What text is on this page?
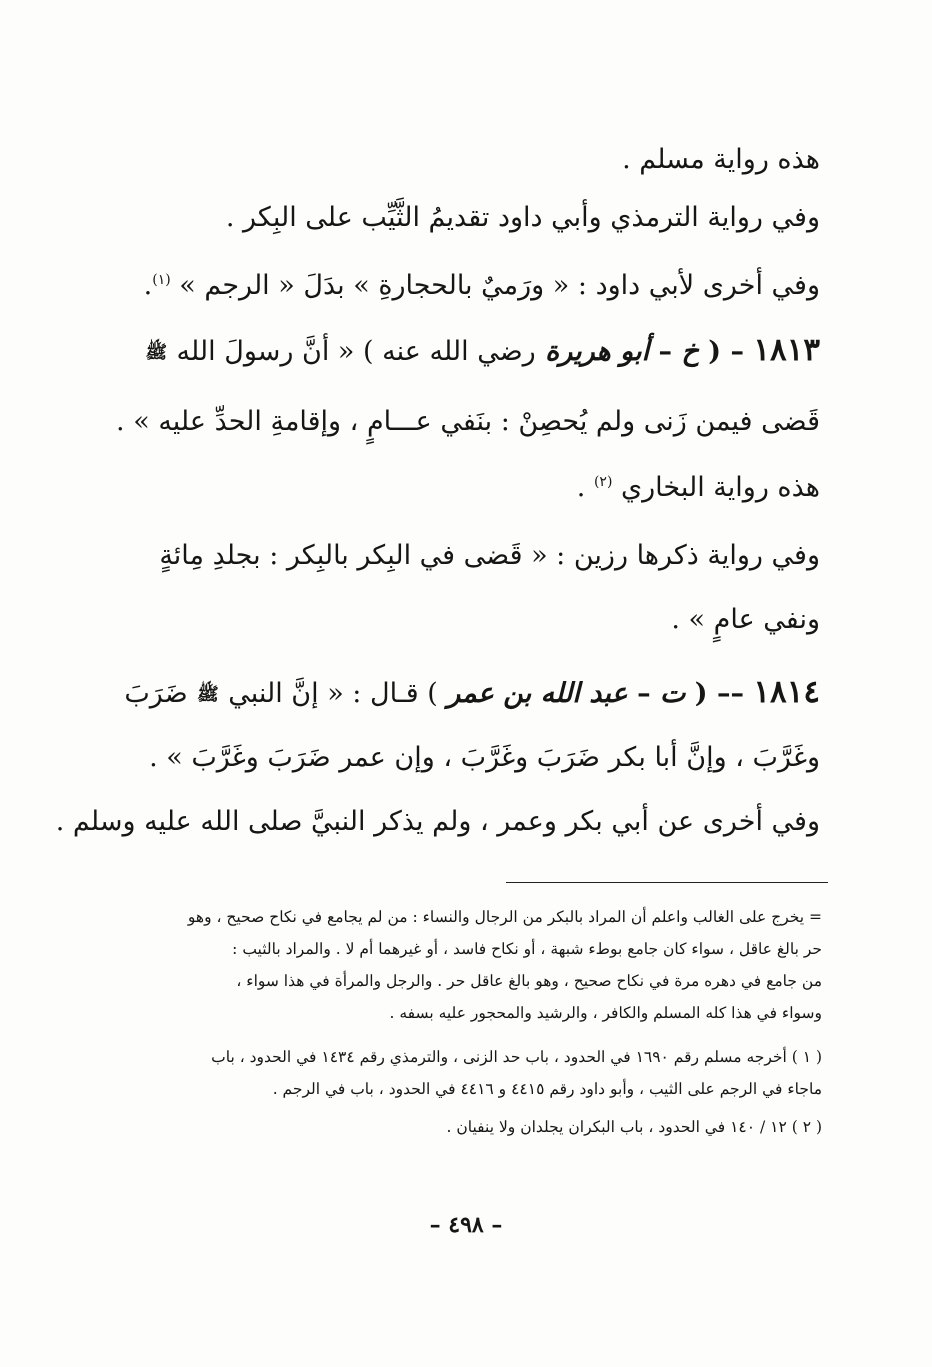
هذه رواية مسلم .
وفي رواية الترمذي وأبي داود تقديمُ الثَّيِّب على البِكر .
وفي أخرى لأبي داود : « ورَميٌ بالحجارةِ » بدَلَ « الرجم » $^{(١)}$.
١٨١٣ – ( خ – أبو هريرة رضي الله عنه ) « أنَّ رسولَ الله ﷺ
قَضى فيمن زَنى ولم يُحصِنْ : بنَفي عـــامٍ ، وإقامةِ الحدِّ عليه » .
هذه رواية البخاري $^{(٢)}$ .
وفي رواية ذكرها رزين : « قَضى في البِكر بالبِكر : بجلدِ مِائةٍ
ونفي عامٍ » .
١٨١٤ –– ( ت – عبد الله بن عمر ) قـال : « إنَّ النبي ﷺ ضَرَبَ
وغَرَّبَ ، وإنَّ أبا بكر ضَرَبَ وغَرَّبَ ، وإن عمر ضَرَبَ وغَرَّبَ » .
وفي أخرى عن أبي بكر وعمر ، ولم يذكر النبيَّ صلى الله عليه وسلم .
= يخرج على الغالب واعلم أن المراد بالبكر من الرجال والنساء : من لم يجامع في نكاح صحيح ، وهو
حر بالغ عاقل ، سواء كان جامع بوطء شبهة ، أو نكاح فاسد ، أو غيرهما أم لا . والمراد بالثيب :
من جامع في دهره مرة في نكاح صحيح ، وهو بالغ عاقل حر . والرجل والمرأة في هذا سواء ،
وسواء في هذا كله المسلم والكافر ، والرشيد والمحجور عليه بسفه .
( ١ ) أخرجه مسلم رقم ١٦٩٠ في الحدود ، باب حد الزنى ، والترمذي رقم ١٤٣٤ في الحدود ، باب
ماجاء في الرجم على الثيب ، وأبو داود رقم ٤٤١٥ و ٤٤١٦ في الحدود ، باب في الرجم .
( ٢ ) ١٢ / ١٤٠ في الحدود ، باب البكران يجلدان ولا ينفيان .
– ٤٩٨ –
